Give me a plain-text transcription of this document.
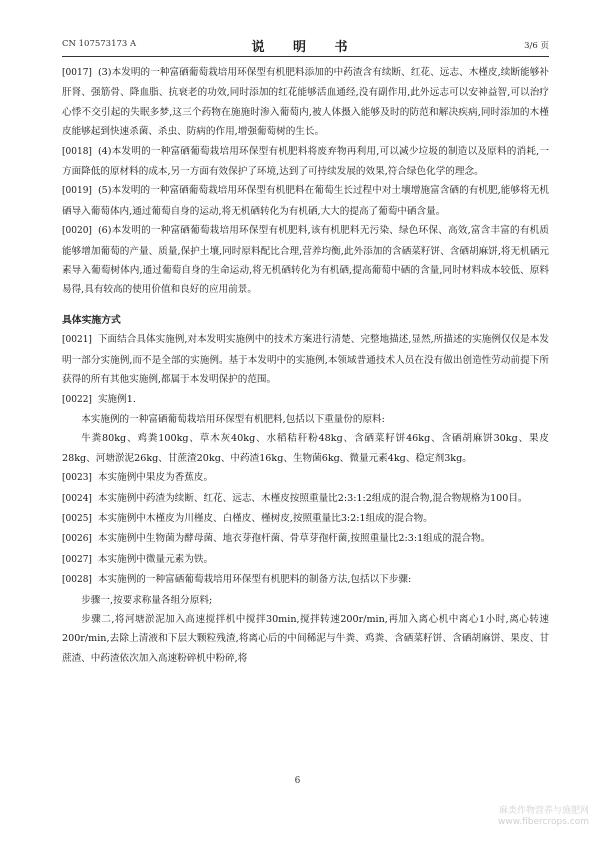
CN 107573173 A	说 明 书	3/6 页

[0017] (3)本发明的一种富硒葡萄栽培用环保型有机肥料添加的中药渣含有续断、红花、远志、木槿皮,续断能够补肝肾、强筋骨、降血脂、抗衰老的功效,同时添加的红花能够活血通经,没有副作用,此外远志可以安神益智,可以治疗心悸不交引起的失眠多梦,这三个药物在施施时渗入葡萄内,被人体摄入能够及时的防范和解决疾病,同时添加的木槿皮能够起到快速杀菌、杀虫、防病的作用,增强葡萄树的生长。

[0018] (4)本发明的一种富硒葡萄栽培用环保型有机肥料将废弃物再利用,可以减少垃圾的制造以及原料的消耗,一方面降低的原材料的成本,另一方面有效保护了环境,达到了可持续发展的效果,符合绿色化学的理念。

[0019] (5)本发明的一种富硒葡萄栽培用环保型有机肥料在葡萄生长过程中对土壤增施富含硒的有机肥,能够将无机硒导入葡萄体内,通过葡萄自身的运动,将无机硒转化为有机硒,大大的提高了葡萄中硒含量。

[0020] (6)本发明的一种富硒葡萄栽培用环保型有机肥料,该有机肥料无污染、绿色环保、高效,富含丰富的有机质能够增加葡萄的产量、质量,保护土壤,同时原料配比合理,营养均衡,此外添加的含硒菜籽饼、含硒胡麻饼,将无机硒元素导入葡萄树体内,通过葡萄自身的生命运动,将无机硒转化为有机硒,提高葡萄中硒的含量,同时材料成本较低、原料易得,具有较高的使用价值和良好的应用前景。

具体实施方式

[0021] 下面结合具体实施例,对本发明实施例中的技术方案进行清楚、完整地描述,显然,所描述的实施例仅仅是本发明一部分实施例,而不是全部的实施例。基于本发明中的实施例,本领域普通技术人员在没有做出创造性劳动前提下所获得的所有其他实施例,都属于本发明保护的范围。

[0022] 实施例1.

本实施例的一种富硒葡萄栽培用环保型有机肥料,包括以下重量份的原料:

牛粪80kg、鸡粪100kg、草木灰40kg、水稻秸秆粉48kg、含硒菜籽饼46kg、含硒胡麻饼30kg、果皮28kg、河塘淤泥26kg、甘蔗渣20kg、中药渣16kg、生物菌6kg、微量元素4kg、稳定剂3kg。

[0023] 本实施例中果皮为香蕉皮。

[0024] 本实施例中药渣为续断、红花、远志、木槿皮按照重量比2:3:1:2组成的混合物,混合物规格为100目。

[0025] 本实施例中木槿皮为川槿皮、白槿皮、槿树皮,按照重量比3:2:1组成的混合物。

[0026] 本实施例中生物菌为酵母菌、地衣芽孢杆菌、骨草芽孢杆菌,按照重量比2:3:1组成的混合物。

[0027] 本实施例中微量元素为铁。

[0028] 本实施例的一种富硒葡萄栽培用环保型有机肥料的制备方法,包括以下步骤:

步骤一,按要求称量各组分原料;

步骤二,将河塘淤泥加入高速搅拌机中搅拌30min,搅拌转速200r/min,再加入离心机中离心1小时,离心转速200r/min,去除上清液和下层大颗粒残渣,将离心后的中间稀泥与牛粪、鸡粪、含硒菜籽饼、含硒胡麻饼、果皮、甘蔗渣、中药渣依次加入高速粉碎机中粉碎,将

6
麻类作物营养与施肥网
www.fibercrops.com
